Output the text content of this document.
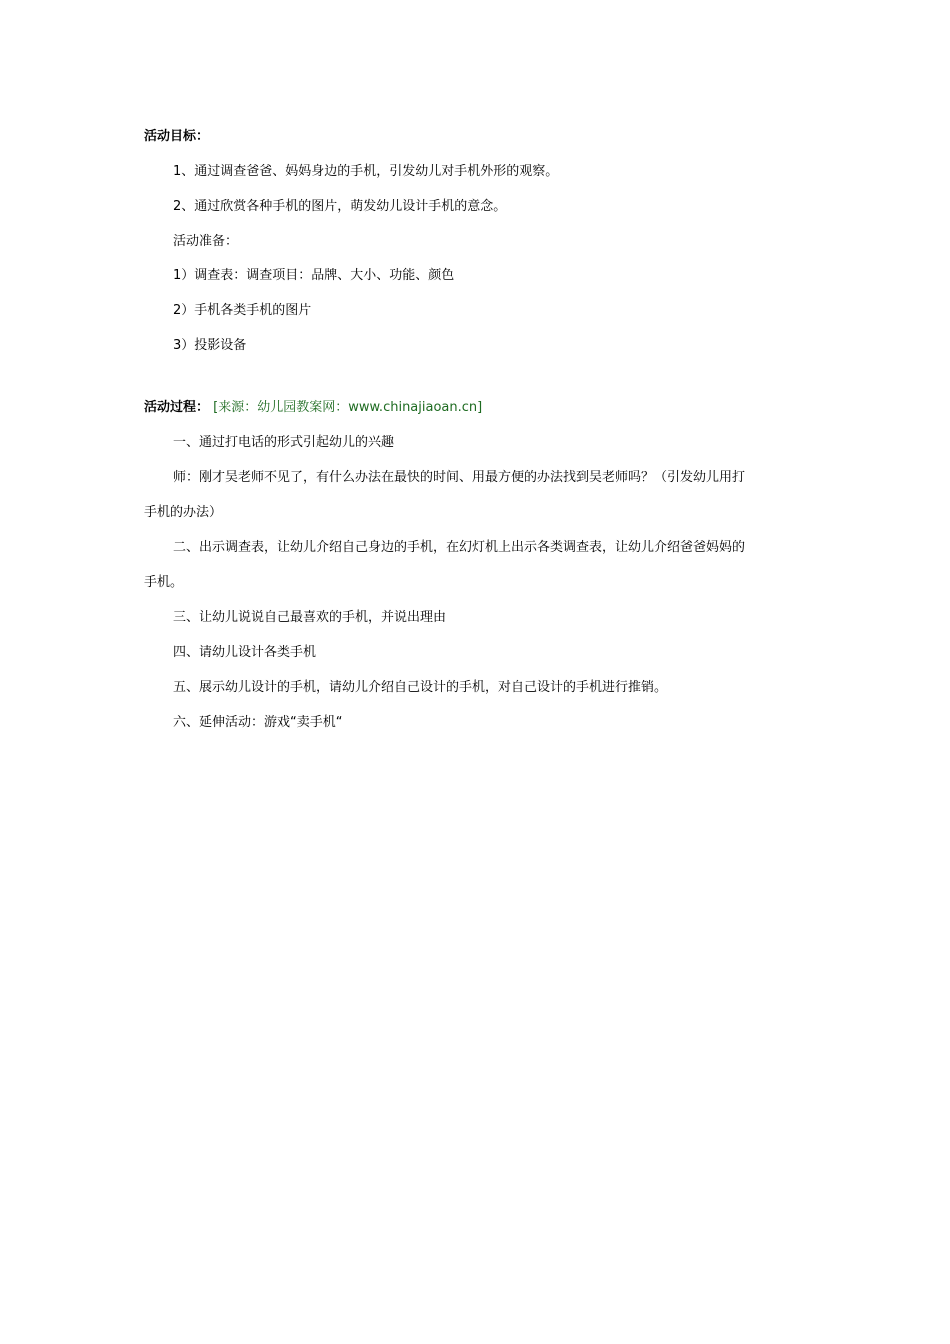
活动目标：
1、通过调查爸爸、妈妈身边的手机，引发幼儿对手机外形的观察。
2、通过欣赏各种手机的图片，萌发幼儿设计手机的意念。
活动准备：
1）调查表：调查项目：品牌、大小、功能、颜色
2）手机各类手机的图片
3）投影设备
活动过程： [来源：幼儿园教案网：www.chinajiaoan.cn]
一、通过打电话的形式引起幼儿的兴趣
师：刚才吴老师不见了，有什么办法在最快的时间、用最方便的办法找到吴老师吗？（引发幼儿用打
手机的办法）
二、出示调查表，让幼儿介绍自己身边的手机，在幻灯机上出示各类调查表，让幼儿介绍爸爸妈妈的
手机。
三、让幼儿说说自己最喜欢的手机，并说出理由
四、请幼儿设计各类手机
五、展示幼儿设计的手机，请幼儿介绍自己设计的手机，对自己设计的手机进行推销。
六、延伸活动：游戏“卖手机“
